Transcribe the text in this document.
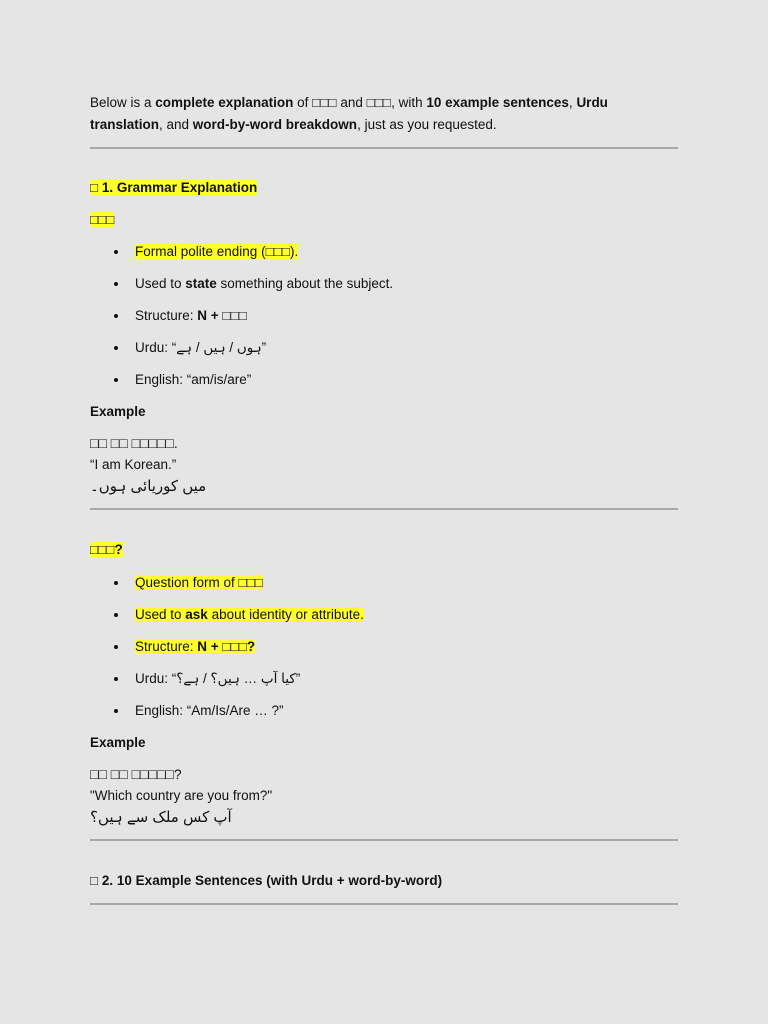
Below is a complete explanation of □□□ and □□□, with 10 example sentences, Urdu translation, and word-by-word breakdown, just as you requested.

□ 1. Grammar Explanation

□□□

Formal polite ending (□□□).
Used to state something about the subject.
Structure: N + □□□
Urdu: “ہوں / ہیں / ہے”
English: “am/is/are”

Example

□□ □□ □□□□□.

“I am Korean.”

میں کوریائی ہوں۔

□□□?

Question form of □□□
Used to ask about identity or attribute.
Structure: N + □□□?
Urdu: “کیا آپ … ہیں؟ / ہے؟”
English: “Am/Is/Are … ?”

Example

□□ □□ □□□□□?

"Which country are you from?"

آپ کس ملک سے ہیں؟

□ 2. 10 Example Sentences (with Urdu + word-by-word)
